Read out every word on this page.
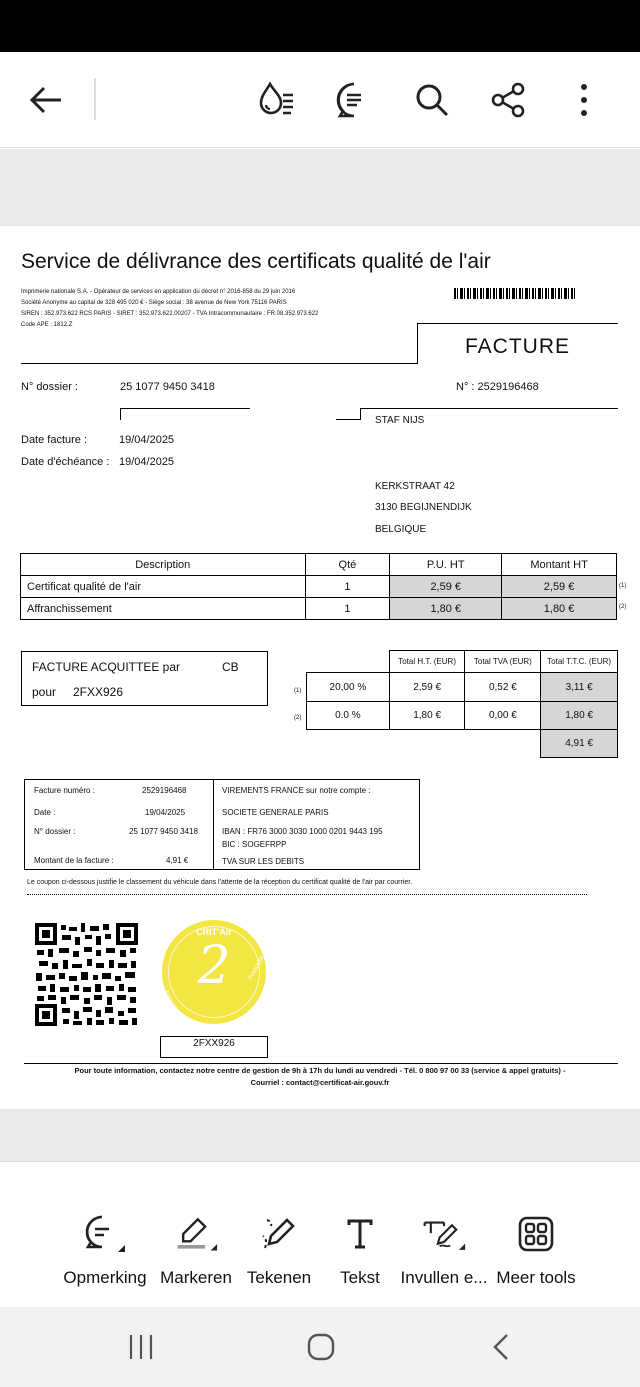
Service de délivrance des certificats qualité de l'air
Imprimerie nationale S.A. - Opérateur de services en application du décret n° 2016-858 du 29 juin 2016
Société Anonyme au capital de 328 495 020 € - Siège social : 38 avenue de New York 75116 PARIS
SIREN : 352.973.622 RCS PARIS - SIRET : 352.973.622.00207 - TVA Intracommunautaire : FR.08.352.973.622
Code APE : 1812.Z
FACTURE
N° dossier :	25 1077 9450 3418	N° : 2529196468
STAF NIJS
Date facture :	19/04/2025
Date d'échéance : 19/04/2025
KERKSTRAAT 42
3130 BEGIJNENDIJK
BELGIQUE
Description	Qté	P.U. HT	Montant HT
Certificat qualité de l'air	1	2,59 €	2,59 €
Affranchissement	1	1,80 €	1,80 €
(1)
(2)
FACTURE ACQUITTEE par	CB
pour 2FXX926
	Total H.T. (EUR)	Total TVA (EUR)	Total T.T.C. (EUR)
20,00 %	2,59 €	0,52 €	3,11 €
0.0 %	1,80 €	0,00 €	1,80 €
			4,91 €
(1)
(2)
Facture numéro :	2529196468
Date :	19/04/2025
N° dossier :	25 1077 9450 3418
Montant de la facture :	4,91 €
VIREMENTS FRANCE sur notre compte :
SOCIETE GENERALE PARIS
IBAN : FR76 3000 3030 1000 0201 9443 195
BIC : SOGEFRPP
TVA SUR LES DEBITS
Le coupon ci-dessous justifie le classement du véhicule dans l'attente de la réception du certificat qualité de l'air par courrier.
CRIT'Air
2
Republique
Française
2FXX926
Pour toute information, contactez notre centre de gestion de 9h à 17h du lundi au vendredi - Tél. 0 800 97 00 33 (service & appel gratuits) -
Courriel : contact@certificat-air.gouv.fr
Opmerking Markeren Tekenen Tekst Invullen e... Meer tools
